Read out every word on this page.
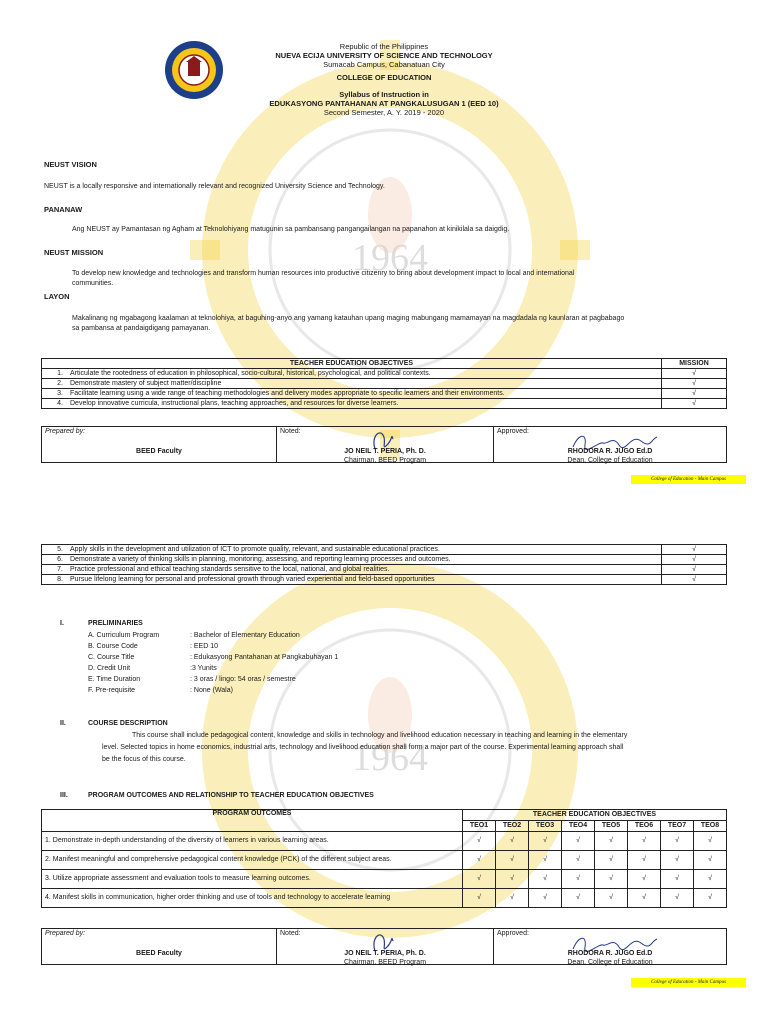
1964
1964
Republic of the Philippines
NUEVA ECIJA UNIVERSITY OF SCIENCE AND TECHNOLOGY
Sumacab Campus, Cabanatuan City
COLLEGE OF EDUCATION
Syllabus of Instruction in
EDUKASYONG PANTAHANAN AT PANGKALUSUGAN 1 (EED 10)
Second Semester, A. Y. 2019 - 2020
NEUST VISION
NEUST is a locally responsive and internationally relevant and recognized University Science and Technology.
PANANAW
Ang NEUST ay Pamantasan ng Agham at Teknolohiyang matugunin sa pambansang pangangailangan na papanahon at kinikilala sa daigdig.
NEUST MISSION
To develop new knowledge and technologies and transform human resources into productive citizenry to bring about development impact to local and international
communities.
LAYON
Makalinang ng mgabagong kaalaman at teknolohiya, at baguhing-anyo ang yamang katauhan upang maging mabungang mamamayan na magdadala ng kaunlaran at pagbabago
sa pambansa at pandaigdigang pamayanan.
TEACHER EDUCATION OBJECTIVES		MISSION
1.	Articulate the rootedness of education in philosophical, socio-cultural, historical, psychological, and political contexts.	√
2.	Demonstrate mastery of subject matter/discipline	√
3.	Facilitate learning using a wide range of teaching methodologies and delivery modes appropriate to specific learners and their environments.	√
4.	Develop innovative curricula, instructional plans, teaching approaches, and resources for diverse learners.	√
Prepared by:
BEED Faculty
	Noted:
JO NEIL T. PERIA, Ph. D.
Chairman, BEED Program
	Approved:
RHODORA R. JUGO Ed.D
Dean, College of Education
College of Education - Main Campus
5.	Apply skills in the development and utilization of ICT to promote quality, relevant, and sustainable educational practices.	√
6.	Demonstrate a variety of thinking skills in planning, monitoring, assessing, and reporting learning processes and outcomes.	√
7.	Practice professional and ethical teaching standards sensitive to the local, national, and global realities.	√
8.	Pursue lifelong learning for personal and professional growth through varied experiential and field-based opportunities	√
I.	PRELIMINARIES
A. Curriculum Program	: Bachelor of Elementary Education
B. Course Code	: EED 10
C. Course Title	: Edukasyong Pantahanan at Pangkabuhayan 1
D. Credit Unit	:3 Yunits
E. Time Duration	: 3 oras / lingo: 54 oras / semestre
F. Pre-requisite	: None (Wala)
II.	COURSE DESCRIPTION
This course shall include pedagogical content, knowledge and skills in technology and livelihood education necessary in teaching and learning in the elementary
level. Selected topics in home economics, industrial arts, technology and livelihood education shall form a major part of the course. Experimental learning approach shall
be the focus of this course.
III.	PROGRAM OUTCOMES AND RELATIONSHIP TO TEACHER EDUCATION OBJECTIVES
PROGRAM OUTCOMES	TEACHER EDUCATION OBJECTIVES							
	TEO1	TEO2	TEO3	TEO4	TEO5	TEO6	TEO7	TEO8
1. Demonstrate in-depth understanding of the diversity of learners in various learning areas.	√	√	√	√	√	√	√	√
2. Manifest meaningful and comprehensive pedagogical content knowledge (PCK) of the different subject areas.	√	√	√	√	√	√	√	√
3. Utilize appropriate assessment and evaluation tools to measure learning outcomes.	√	√	√	√	√	√	√	√
4. Manifest skills in communication, higher order thinking and use of tools and technology to accelerate learning	√	√	√	√	√	√	√	√
Prepared by:
BEED Faculty
	Noted:
JO NEIL T. PERIA, Ph. D.
Chairman, BEED Program
	Approved:
RHODORA R. JUGO Ed.D
Dean, College of Education
College of Education - Main Campus
